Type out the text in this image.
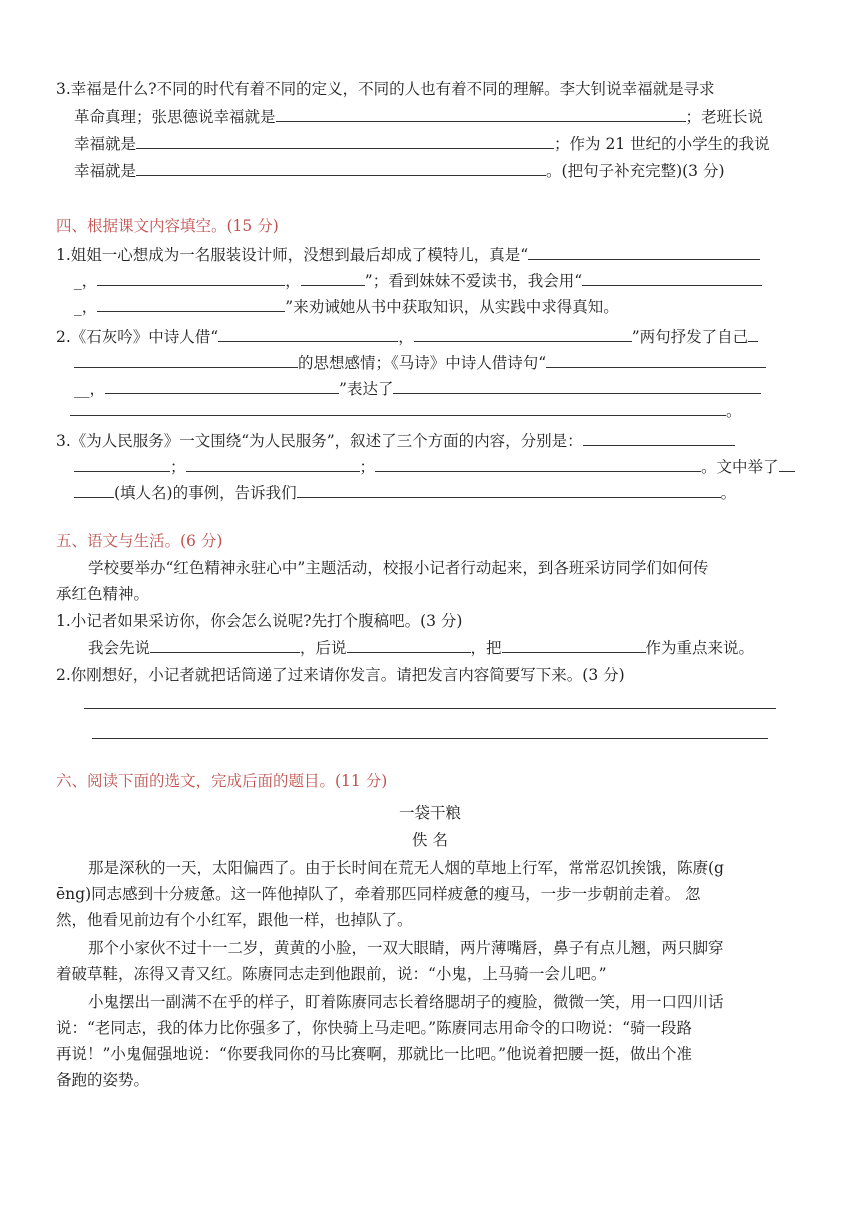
3.幸福是什么?不同的时代有着不同的定义，不同的人也有着不同的理解。李大钊说幸福就是寻求
革命真理；张思德说幸福就是	；老班长说
幸福就是	；作为 21 世纪的小学生的我说
幸福就是	。(把句子补充完整)(3 分)
四、根据课文内容填空。(15 分)
1.姐姐一心想成为一名服装设计师，没想到最后却成了模特儿，真是“
_，	，	”；看到妹妹不爱读书，我会用“
_，	”来劝诫她从书中获取知识，从实践中求得真知。
2.《石灰吟》中诗人借“	，	”两句抒发了自己
的思想感情；《马诗》中诗人借诗句“
__，	”表达了
。
3.《为人民服务》一文围绕“为人民服务”，叙述了三个方面的内容，分别是：
；	；	。文中举了
(填人名)的事例，告诉我们	。
五、语文与生活。(6 分)
学校要举办“红色精神永驻心中”主题活动，校报小记者行动起来，到各班采访同学们如何传
承红色精神。
1.小记者如果采访你，你会怎么说呢?先打个腹稿吧。(3 分)
我会先说	，后说	，把	作为重点来说。
2.你刚想好，小记者就把话筒递了过来请你发言。请把发言内容简要写下来。(3 分)
六、阅读下面的选文，完成后面的题目。(11 分)
一袋干粮
佚 名
那是深秋的一天，太阳偏西了。由于长时间在荒无人烟的草地上行军，常常忍饥挨饿，陈赓(g
ēng)同志感到十分疲惫。这一阵他掉队了，牵着那匹同样疲惫的瘦马，一步一步朝前走着。 忽
然，他看见前边有个小红军，跟他一样，也掉队了。
那个小家伙不过十一二岁，黄黄的小脸，一双大眼睛，两片薄嘴唇，鼻子有点儿翘，两只脚穿
着破草鞋，冻得又青又红。陈赓同志走到他跟前，说：“小鬼，上马骑一会儿吧。”
小鬼摆出一副满不在乎的样子，盯着陈赓同志长着络腮胡子的瘦脸，微微一笑，用一口四川话
说：“老同志，我的体力比你强多了，你快骑上马走吧。”陈赓同志用命令的口吻说：“骑一段路
再说！”小鬼倔强地说：“你要我同你的马比赛啊，那就比一比吧。”他说着把腰一挺，做出个准
备跑的姿势。
